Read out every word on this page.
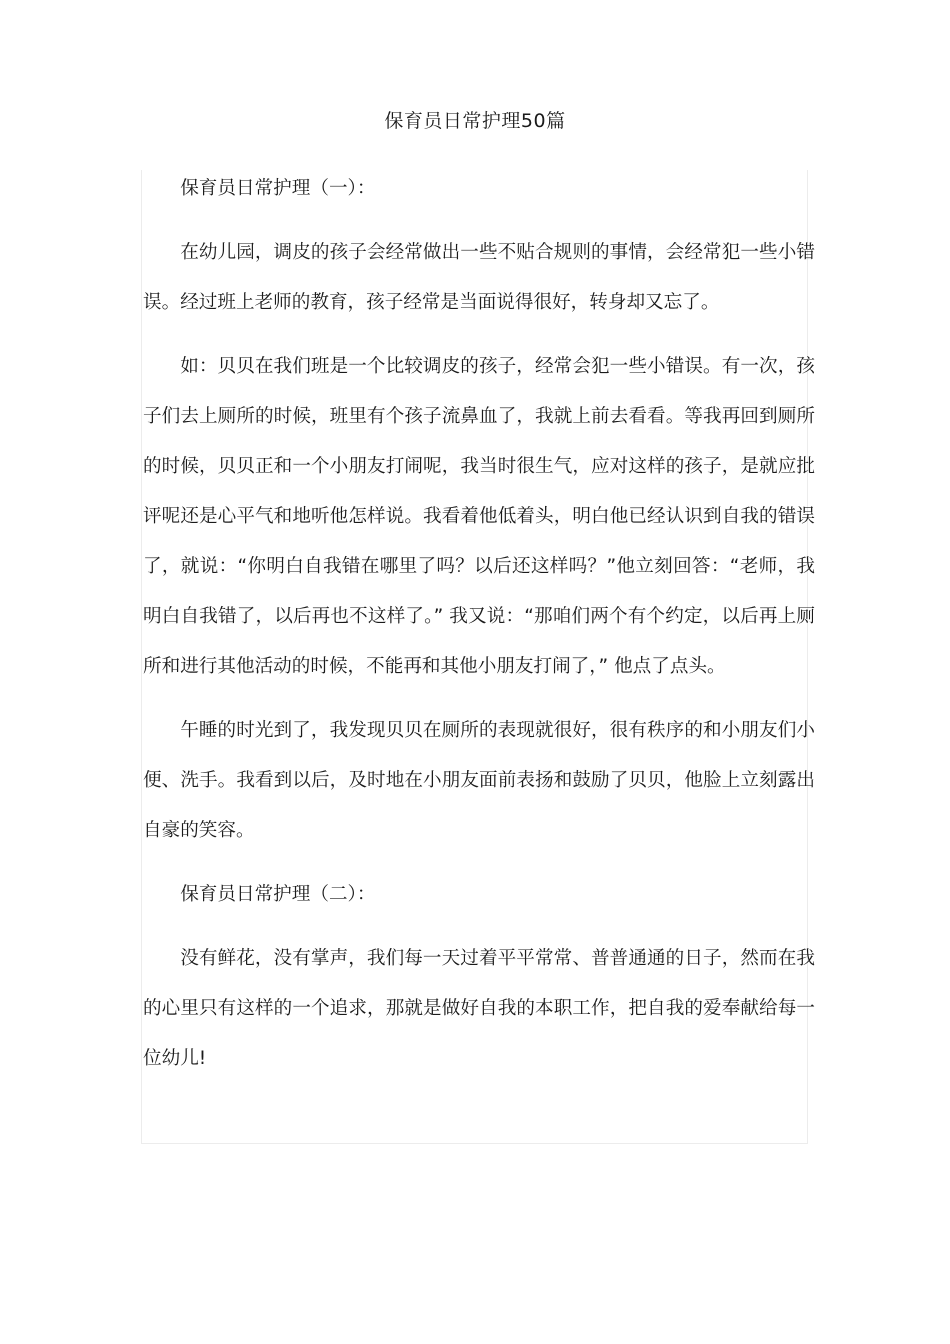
保育员日常护理50篇

保育员日常护理（一）：

在幼儿园，调皮的孩子会经常做出一些不贴合规则的事情，会经常犯一些小错误。经过班上老师的教育，孩子经常是当面说得很好，转身却又忘了。

如：贝贝在我们班是一个比较调皮的孩子，经常会犯一些小错误。有一次，孩子们去上厕所的时候，班里有个孩子流鼻血了，我就上前去看看。等我再回到厕所的时候，贝贝正和一个小朋友打闹呢，我当时很生气，应对这样的孩子，是就应批评呢还是心平气和地听他怎样说。我看着他低着头，明白他已经认识到自我的错误了，就说：“你明白自我错在哪里了吗？以后还这样吗？”他立刻回答：“老师，我明白自我错了，以后再也不这样了。” 我又说：“那咱们两个有个约定，以后再上厕所和进行其他活动的时候，不能再和其他小朋友打闹了，” 他点了点头。

午睡的时光到了，我发现贝贝在厕所的表现就很好，很有秩序的和小朋友们小便、洗手。我看到以后，及时地在小朋友面前表扬和鼓励了贝贝，他脸上立刻露出自豪的笑容。

保育员日常护理（二）：

没有鲜花，没有掌声，我们每一天过着平平常常、普普通通的日子，然而在我的心里只有这样的一个追求，那就是做好自我的本职工作，把自我的爱奉献给每一位幼儿!
